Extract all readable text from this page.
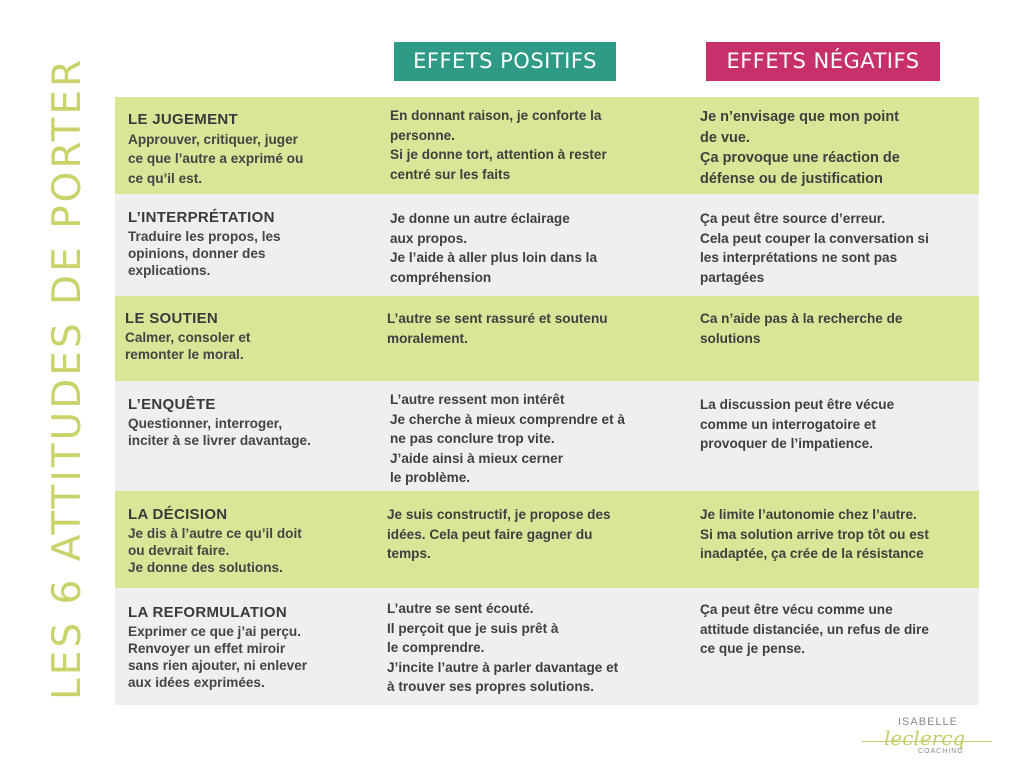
LES 6 ATTITUDES DE PORTER	EFFETS POSITIFS	EFFETS NÉGATIFS
LE JUGEMENT
Approuver, critiquer, juger
ce que l’autre a exprimé ou
ce qu’il est.
En donnant raison, je conforte la
personne.
Si je donne tort, attention à rester
centré sur les faits
Je n’envisage que mon point
de vue.
Ça provoque une réaction de
défense ou de justification
L’INTERPRÉTATION
Traduire les propos, les
opinions, donner des
explications.
Je donne un autre éclairage
aux propos.
Je l’aide à aller plus loin dans la
compréhension
Ça peut être source d’erreur.
Cela peut couper la conversation si
les interprétations ne sont pas
partagées
LE SOUTIEN
Calmer, consoler et
remonter le moral.
L’autre se sent rassuré et soutenu
moralement.
Ca n’aide pas à la recherche de
solutions
L’ENQUÊTE
Questionner, interroger,
inciter à se livrer davantage.
L’autre ressent mon intérêt
Je cherche à mieux comprendre et à
ne pas conclure trop vite.
J’aide ainsi à mieux cerner
le problème.
La discussion peut être vécue
comme un interrogatoire et
provoquer de l’impatience.
LA DÉCISION
Je dis à l’autre ce qu’il doit
ou devrait faire.
Je donne des solutions.
Je suis constructif, je propose des
idées. Cela peut faire gagner du
temps.
Je limite l’autonomie chez l’autre.
Si ma solution arrive trop tôt ou est
inadaptée, ça crée de la résistance
LA REFORMULATION
Exprimer ce que j’ai perçu.
Renvoyer un effet miroir
sans rien ajouter, ni enlever
aux idées exprimées.
L’autre se sent écouté.
Il perçoit que je suis prêt à
le comprendre.
J’incite l’autre à parler davantage et
à trouver ses propres solutions.
Ça peut être vécu comme une
attitude distanciée, un refus de dire
ce que je pense.
ISABELLE
leclercq
COACHING
